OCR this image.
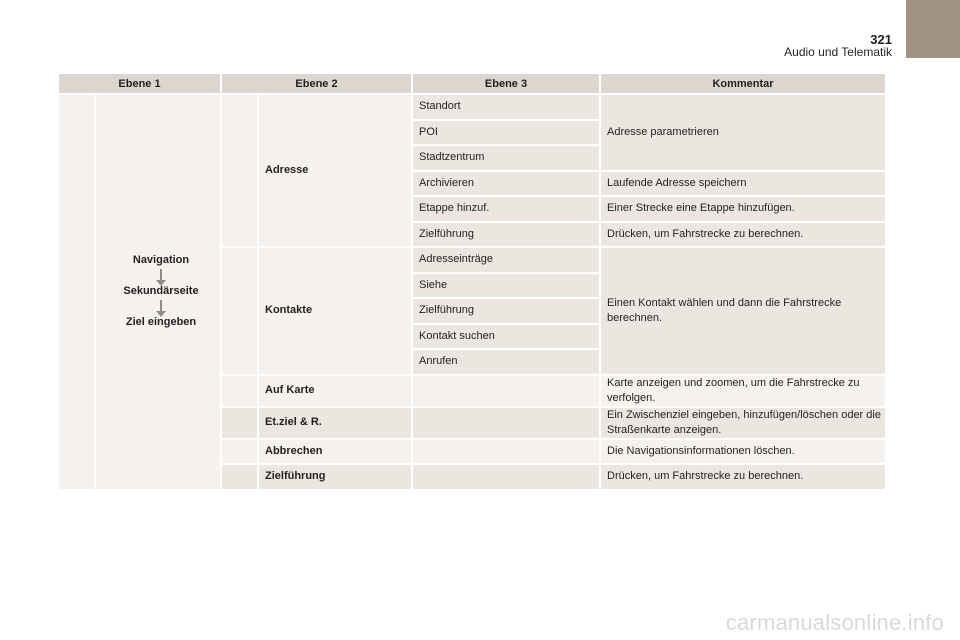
321
Audio und Telematik
Ebene 1		Ebene 2		Ebene 3	Kommentar

	Navigation
Sekundärseite
Ziel eingeben		Adresse	Standort	Adresse parametrieren
				POI	
				Stadtzentrum	
				Archivieren	Laufende Adresse speichern
				Etappe hinzuf.	Einer Strecke eine Etappe hinzufügen.
				Zielführung	Drücken, um Fahrstrecke zu berechnen.
			Kontakte	Adresseinträge	Einen Kontakt wählen und dann die Fahrstrecke berechnen.
				Siehe	
				Zielführung	
				Kontakt suchen	
				Anrufen	
			Auf Karte		Karte anzeigen und zoomen, um die Fahrstrecke zu verfolgen.
			Et.ziel & R.		Ein Zwischenziel eingeben, hinzufügen/löschen oder die Straßenkarte anzeigen.
			Abbrechen		Die Navigationsinformationen löschen.
			Zielführung		Drücken, um Fahrstrecke zu berechnen.
carmanualsonline.info
